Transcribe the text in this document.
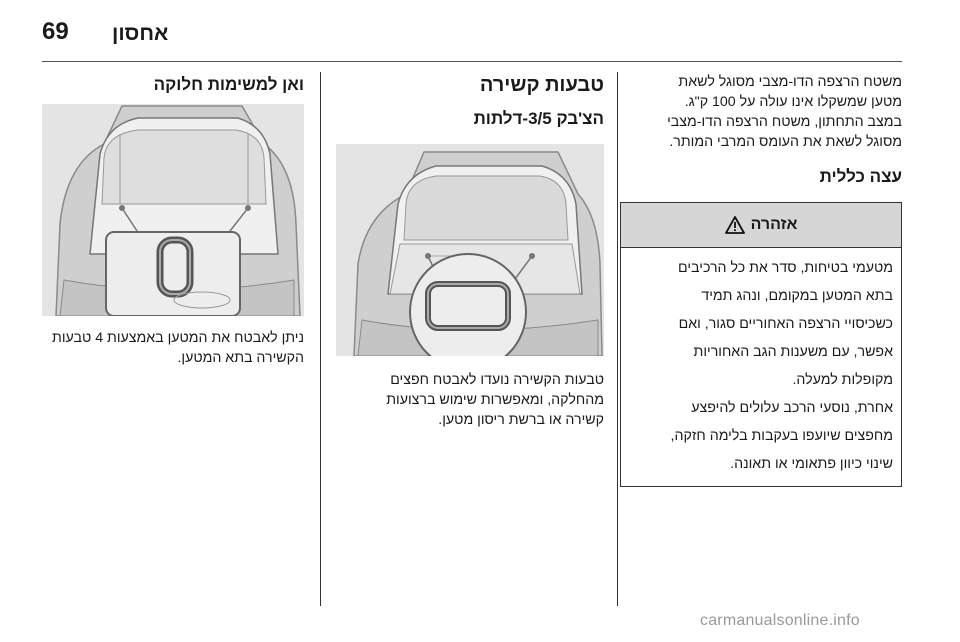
אחסון
69

משטח הרצפה הדו-מצבי מסוגל לשאת

מטען שמשקלו אינו עולה על 100 ק"ג.

במצב התחתון, משטח הרצפה הדו-מצבי

מסוגל לשאת את העומס המרבי המותר.

עצה כללית
אזהרה

מטעמי בטיחות, סדר את כל הרכיבים

בתא המטען במקומם, ונהג תמיד

כשכיסויי הרצפה האחוריים סגור, ואם

אפשר, עם משענות הגב האחוריות

מקופלות למעלה.

אחרת, נוסעי הרכב עלולים להיפצע

מחפצים שיועפו בעקבות בלימה חזקה,

שינוי כיוון פתאומי או תאונה.

טבעות קשירה
הצ'בק 3/5-דלתות

טבעות הקשירה נועדו לאבטח חפצים

מהחלקה, ומאפשרות שימוש ברצועות

קשירה או ברשת ריסון מטען.

ואן למשימות חלוקה

ניתן לאבטח את המטען באמצעות 4 טבעות

הקשירה בתא המטען.

carmanualsonline.info
